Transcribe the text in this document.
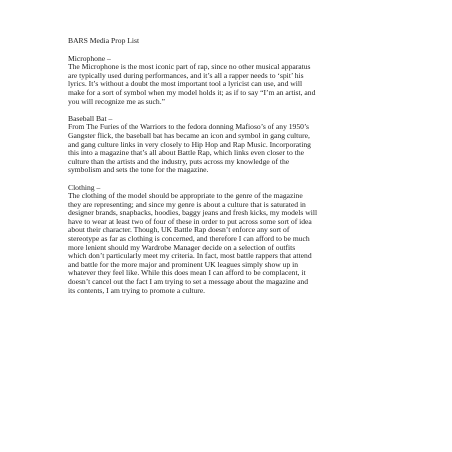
BARS Media Prop List
Microphone –
The Microphone is the most iconic part of rap, since no other musical apparatus
are typically used during performances, and it’s all a rapper needs to ‘spit’ his
lyrics. It’s without a doubt the most important tool a lyricist can use, and will
make for a sort of symbol when my model holds it; as if to say “I’m an artist, and
you will recognize me as such.”
Baseball Bat –
From The Furies of the Warriors to the fedora donning Mafioso’s of any 1950’s
Gangster flick, the baseball bat has became an icon and symbol in gang culture,
and gang culture links in very closely to Hip Hop and Rap Music. Incorporating
this into a magazine that’s all about Battle Rap, which links even closer to the
culture than the artists and the industry, puts across my knowledge of the
symbolism and sets the tone for the magazine.
Clothing –
The clothing of the model should be appropriate to the genre of the magazine
they are representing; and since my genre is about a culture that is saturated in
designer brands, snapbacks, hoodies, baggy jeans and fresh kicks, my models will
have to wear at least two of four of these in order to put across some sort of idea
about their character. Though, UK Battle Rap doesn’t enforce any sort of
stereotype as far as clothing is concerned, and therefore I can afford to be much
more lenient should my Wardrobe Manager decide on a selection of outfits
which don’t particularly meet my criteria. In fact, most battle rappers that attend
and battle for the more major and prominent UK leagues simply show up in
whatever they feel like. While this does mean I can afford to be complacent, it
doesn’t cancel out the fact I am trying to set a message about the magazine and
its contents, I am trying to promote a culture.
